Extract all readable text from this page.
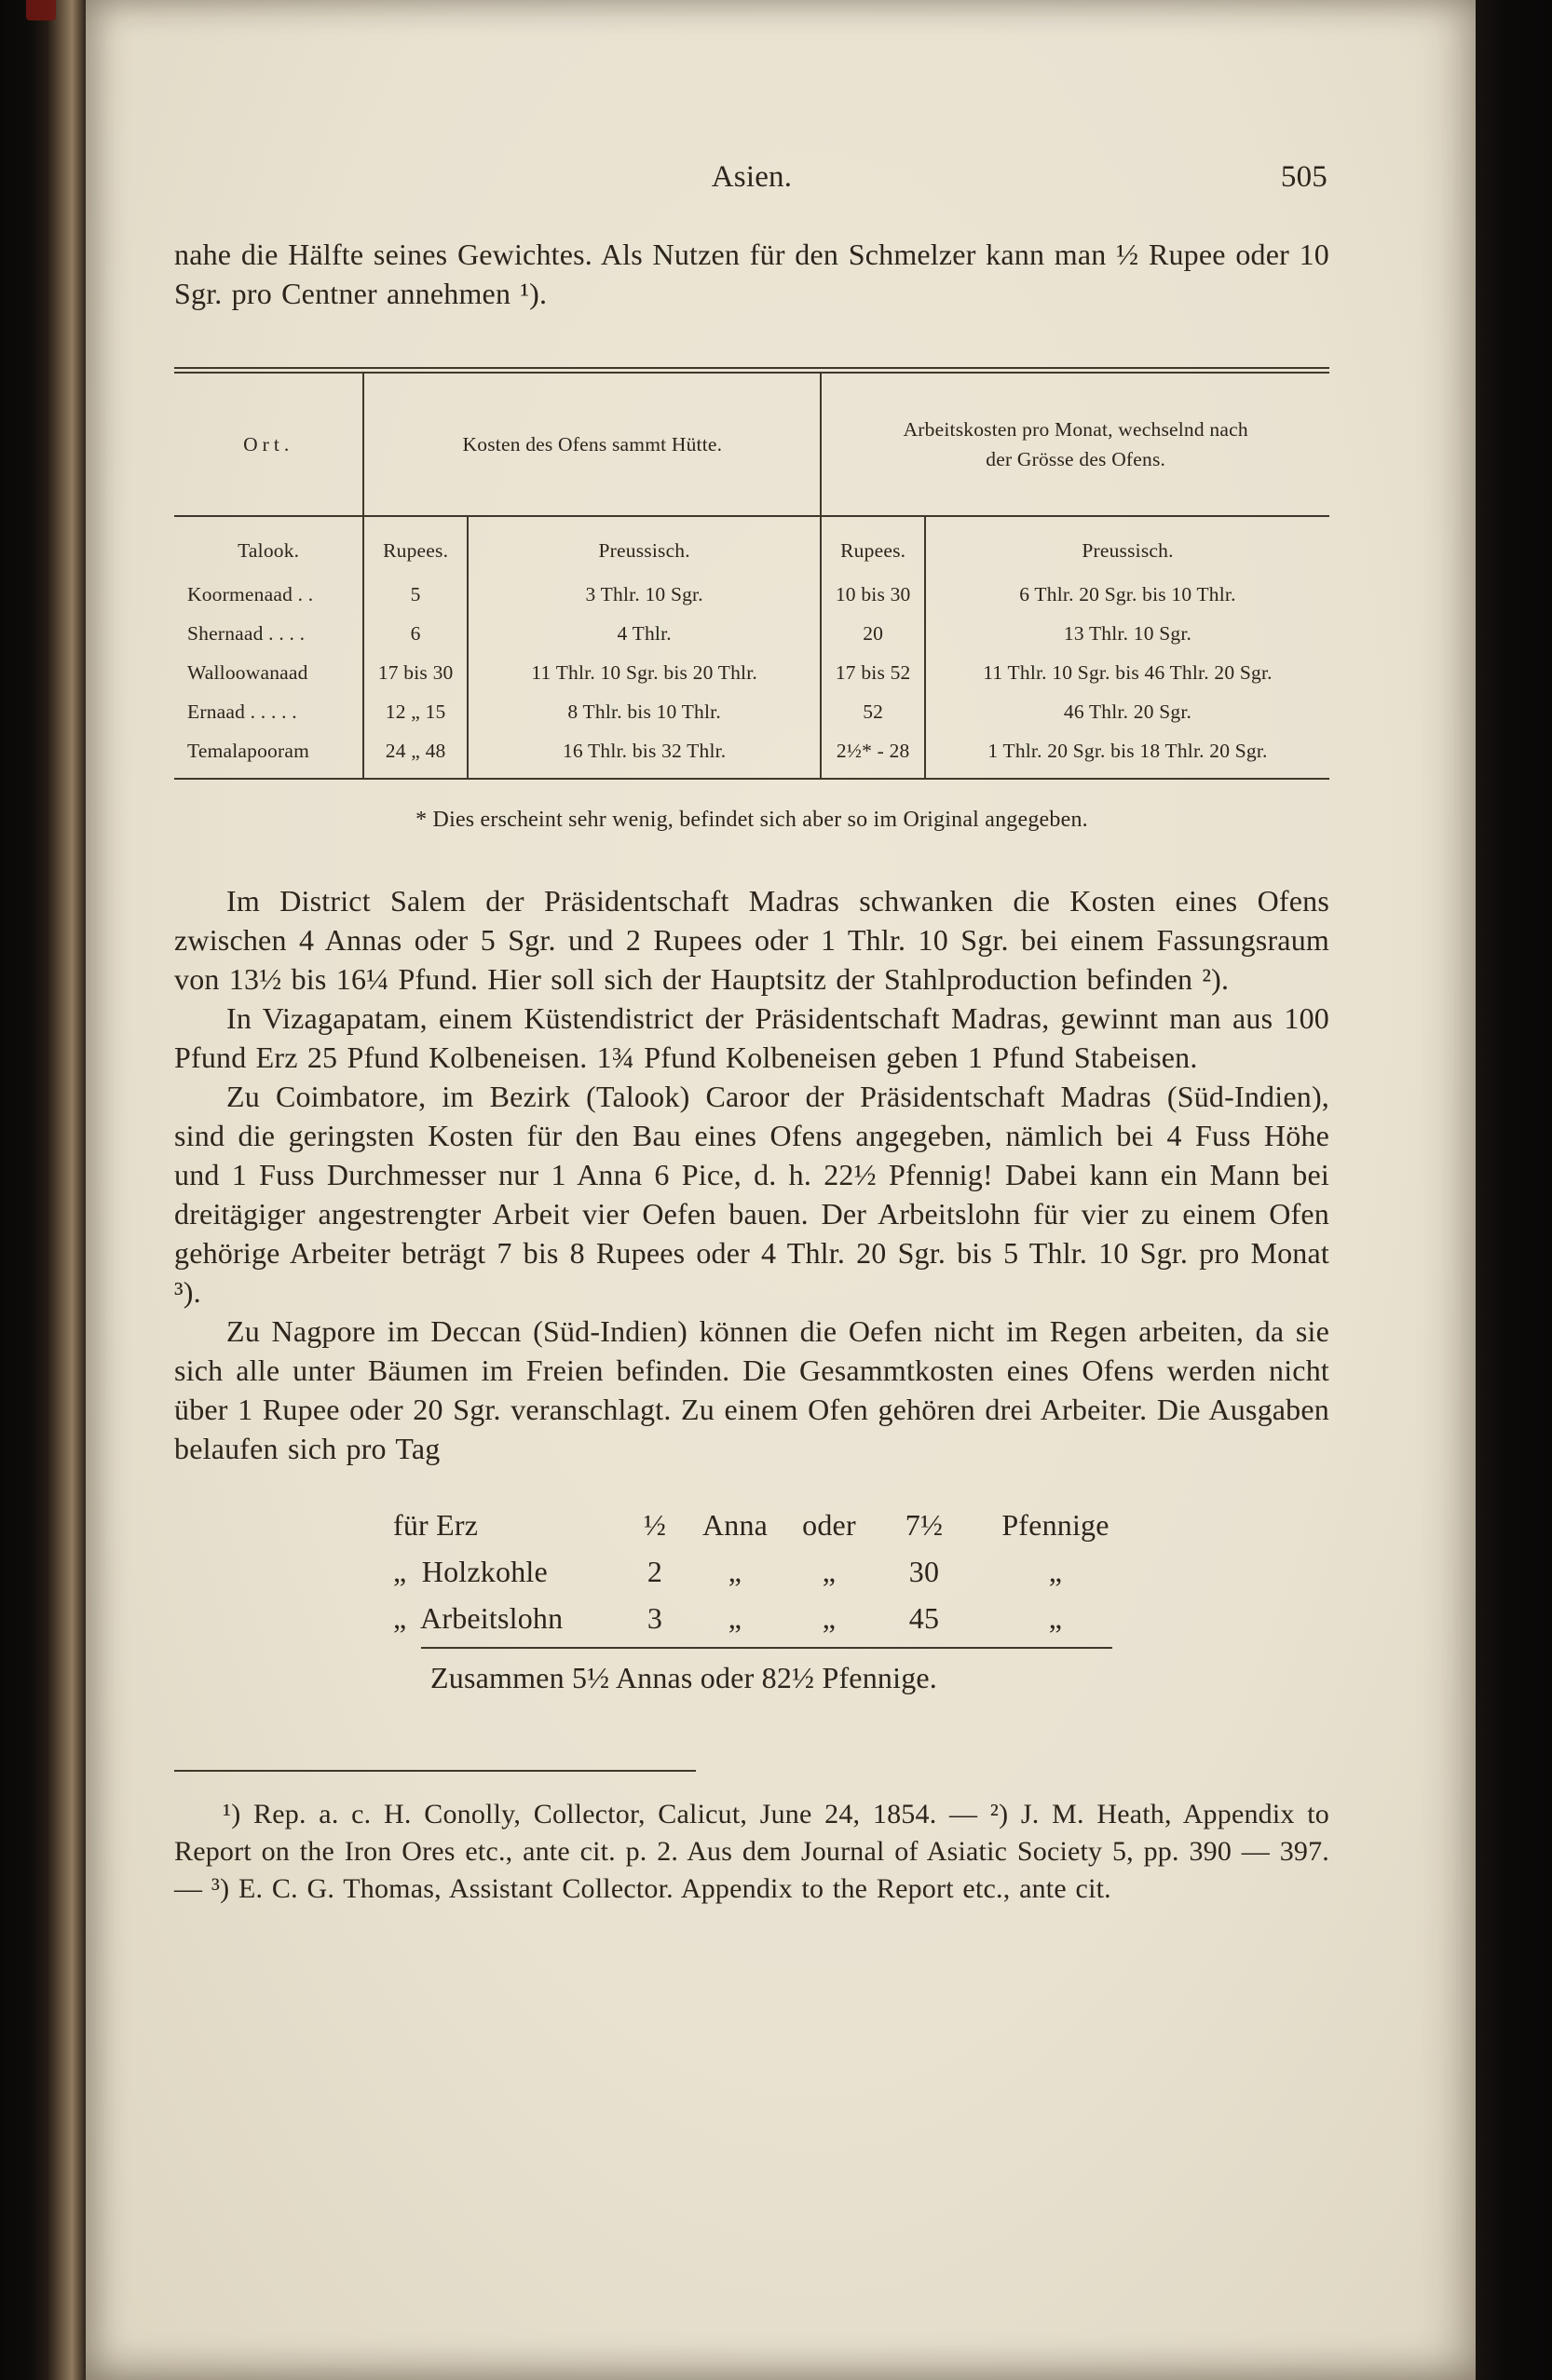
Asien.	505

nahe die Hälfte seines Gewichtes. Als Nutzen für den Schmelzer kann man ½ Rupee oder 10 Sgr. pro Centner annehmen ¹).

Ort.	Kosten des Ofens sammt Hütte.		Arbeitskosten pro Monat, wechselnd nach der Grösse des Ofens.	

Talook.	Rupees.	Preussisch.	Rupees.	Preussisch.
Koormenaad . .	5	3 Thlr. 10 Sgr.	10 bis 30	6 Thlr. 20 Sgr. bis 10 Thlr.
Shernaad . . . .	6	4 Thlr.	20	13 Thlr. 10 Sgr.
Walloowanaad	17 bis 30	11 Thlr. 10 Sgr. bis 20 Thlr.	17 bis 52	11 Thlr. 10 Sgr. bis 46 Thlr. 20 Sgr.
Ernaad . . . . .	12 „ 15	8 Thlr. bis 10 Thlr.	52	46 Thlr. 20 Sgr.
Temalapooram	24 „ 48	16 Thlr. bis 32 Thlr.	2½* - 28	1 Thlr. 20 Sgr. bis 18 Thlr. 20 Sgr.
* Dies erscheint sehr wenig, befindet sich aber so im Original angegeben.

Im District Salem der Präsidentschaft Madras schwanken die Kosten eines Ofens zwischen 4 Annas oder 5 Sgr. und 2 Rupees oder 1 Thlr. 10 Sgr. bei einem Fassungsraum von 13½ bis 16¼ Pfund. Hier soll sich der Hauptsitz der Stahlproduction befinden ²).

In Vizagapatam, einem Küstendistrict der Präsidentschaft Madras, gewinnt man aus 100 Pfund Erz 25 Pfund Kolbeneisen. 1¾ Pfund Kolbeneisen geben 1 Pfund Stabeisen.

Zu Coimbatore, im Bezirk (Talook) Caroor der Präsidentschaft Madras (Süd-Indien), sind die geringsten Kosten für den Bau eines Ofens angegeben, nämlich bei 4 Fuss Höhe und 1 Fuss Durchmesser nur 1 Anna 6 Pice, d. h. 22½ Pfennig! Dabei kann ein Mann bei dreitägiger angestrengter Arbeit vier Oefen bauen. Der Arbeitslohn für vier zu einem Ofen gehörige Arbeiter beträgt 7 bis 8 Rupees oder 4 Thlr. 20 Sgr. bis 5 Thlr. 10 Sgr. pro Monat ³).

Zu Nagpore im Deccan (Süd-Indien) können die Oefen nicht im Regen arbeiten, da sie sich alle unter Bäumen im Freien befinden. Die Gesammtkosten eines Ofens werden nicht über 1 Rupee oder 20 Sgr. veranschlagt. Zu einem Ofen gehören drei Arbeiter. Die Ausgaben belaufen sich pro Tag

für Erz	½	Anna	oder	7½	Pfennige
„  Holzkohle	2	„	„	30	„
„  Arbeitslohn	3	„	„	45	„
Zusammen 5½ Annas oder 82½ Pfennige.

¹) Rep. a. c. H. Conolly, Collector, Calicut, June 24, 1854. — ²) J. M. Heath, Appendix to Report on the Iron Ores etc., ante cit. p. 2. Aus dem Journal of Asiatic Society 5, pp. 390 — 397. — ³) E. C. G. Thomas, Assistant Collector. Appendix to the Report etc., ante cit.
